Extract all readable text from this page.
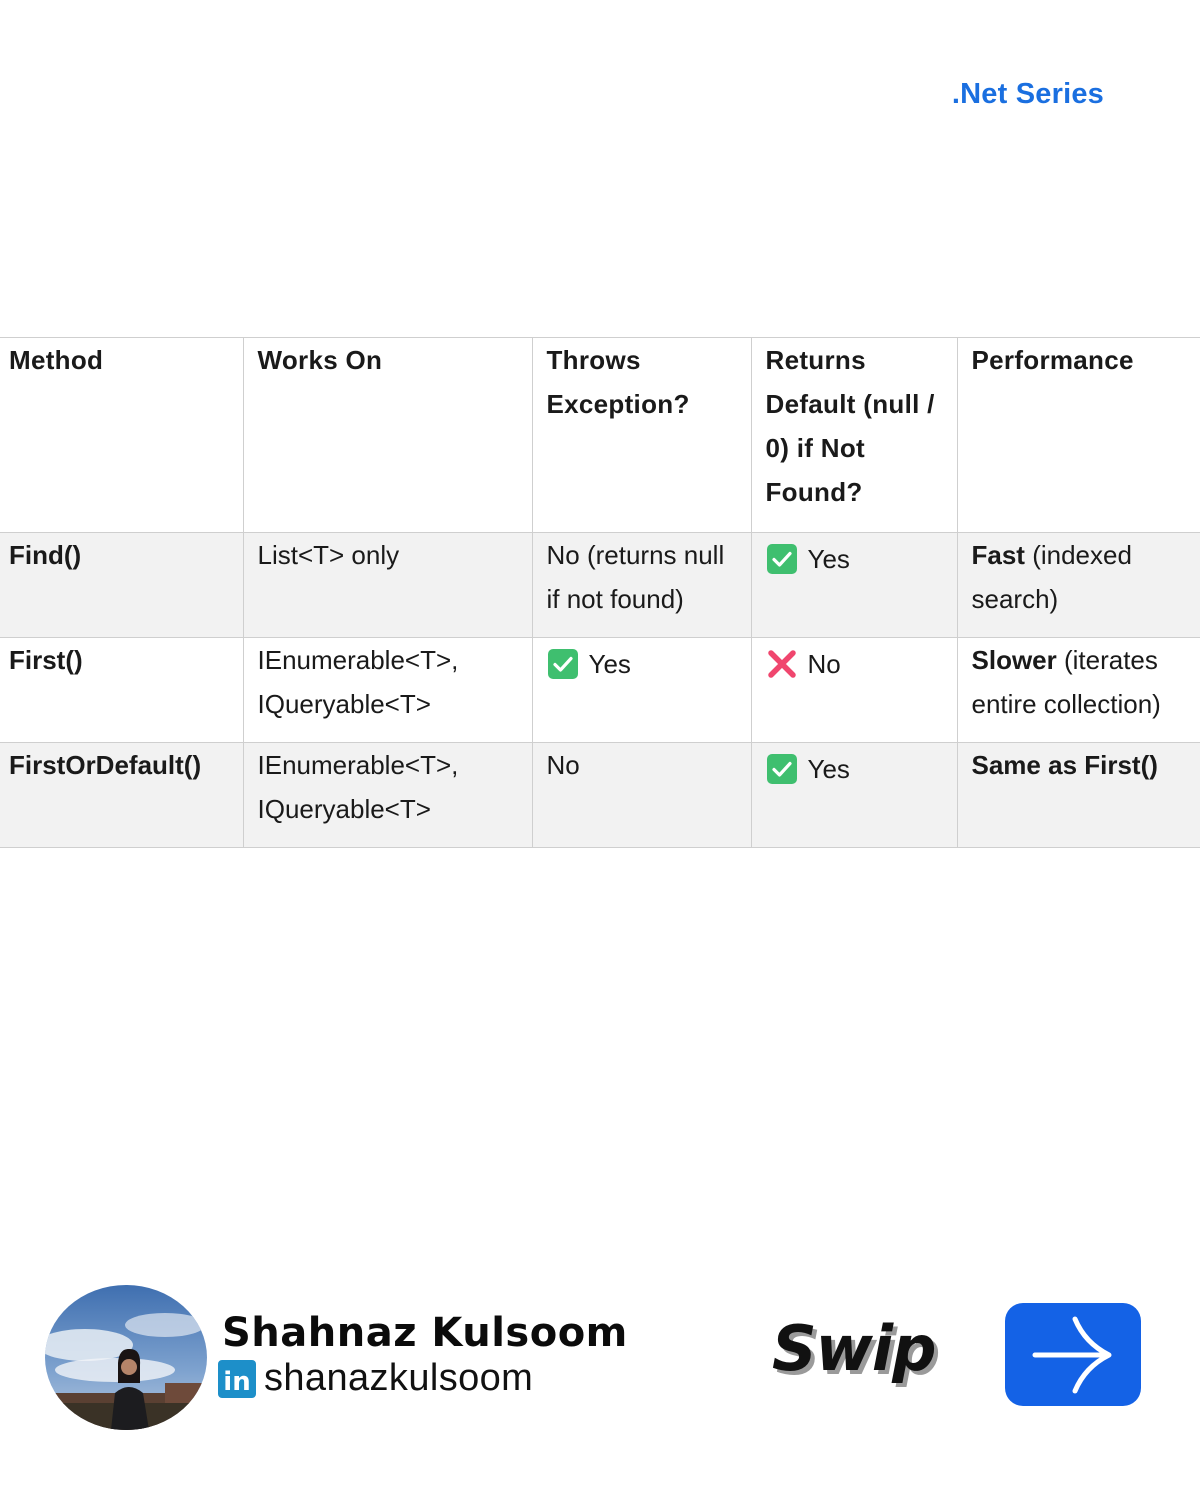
.Net Series
Method	Works On	Throws Exception?	Returns Default (null / 0) if Not Found?	Performance
Find()	List<T> only	No (returns null if not found)	Yes	Fast (indexed search)
First()	IEnumerable<T>, IQueryable<T>	Yes	No	Slower (iterates entire collection)
FirstOrDefault()	IEnumerable<T>, IQueryable<T>	No	Yes	Same as First()
Shahnaz Kulsoom
in shanazkulsoom	Swip
